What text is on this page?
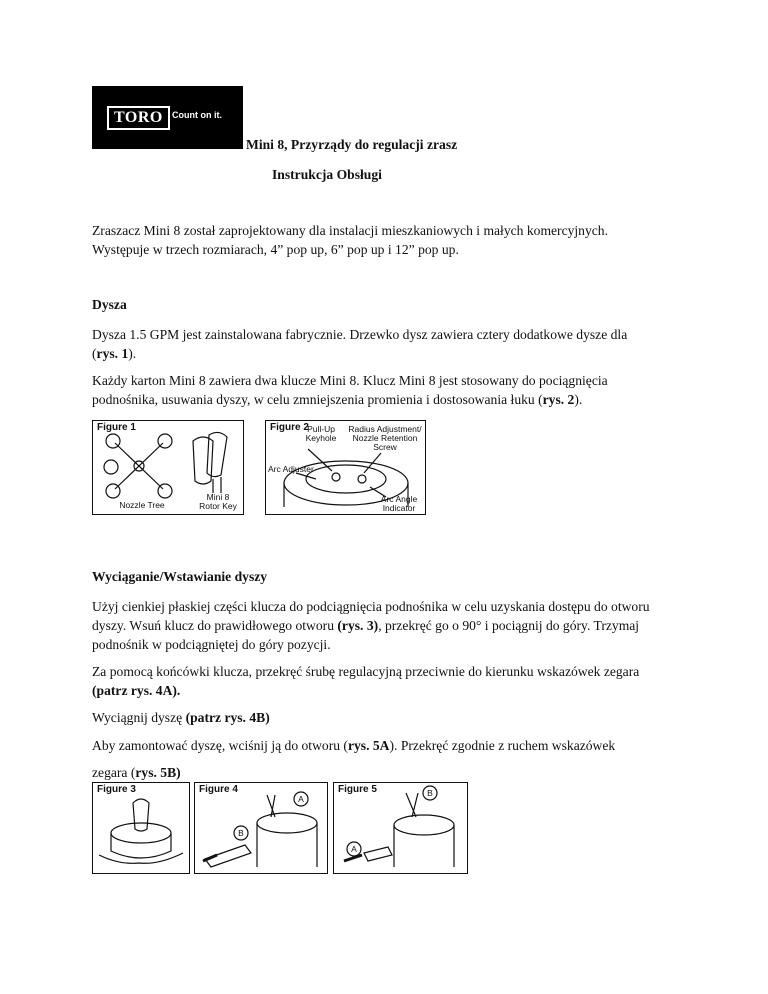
TORO	Count on it.
Mini 8, Przyrządy do regulacji zrasz
Instrukcja Obsługi
Zraszacz Mini 8 został zaprojektowany dla instalacji mieszkaniowych i małych komercyjnych.
Występuje w trzech rozmiarach, 4” pop up, 6” pop up i 12” pop up.
Dysza
Dysza 1.5 GPM jest zainstalowana fabrycznie. Drzewko dysz zawiera cztery dodatkowe dysze dla
(rys. 1).
Każdy karton Mini 8 zawiera dwa klucze Mini 8. Klucz Mini 8 jest stosowany do pociągnięcia
podnośnika, usuwania dyszy, w celu zmniejszenia promienia i dostosowania łuku (rys. 2).
Figure 1
Nozzle Tree
Mini 8
Rotor Key
Figure 2
Pull-Up
Keyhole
Radius Adjustment/
Nozzle Retention
Screw
Arc Adjuster
Arc Angle
Indicator
Wyciąganie/Wstawianie dyszy
Użyj cienkiej płaskiej części klucza do podciągnięcia podnośnika w celu uzyskania dostępu do otworu
dyszy. Wsuń klucz do prawidłowego otworu (rys. 3), przekręć go o 90° i pociągnij do góry. Trzymaj
podnośnik w podciągniętej do góry pozycji.
Za pomocą końcówki klucza, przekręć śrubę regulacyjną przeciwnie do kierunku wskazówek zegara
(patrz rys. 4A).
Wyciągnij dyszę (patrz rys. 4B)
Aby zamontować dyszę, wciśnij ją do otworu (rys. 5A). Przekręć zgodnie z ruchem wskazówek
zegara (rys. 5B)
Figure 3	Figure 4
A
B
Figure 5
A
B
